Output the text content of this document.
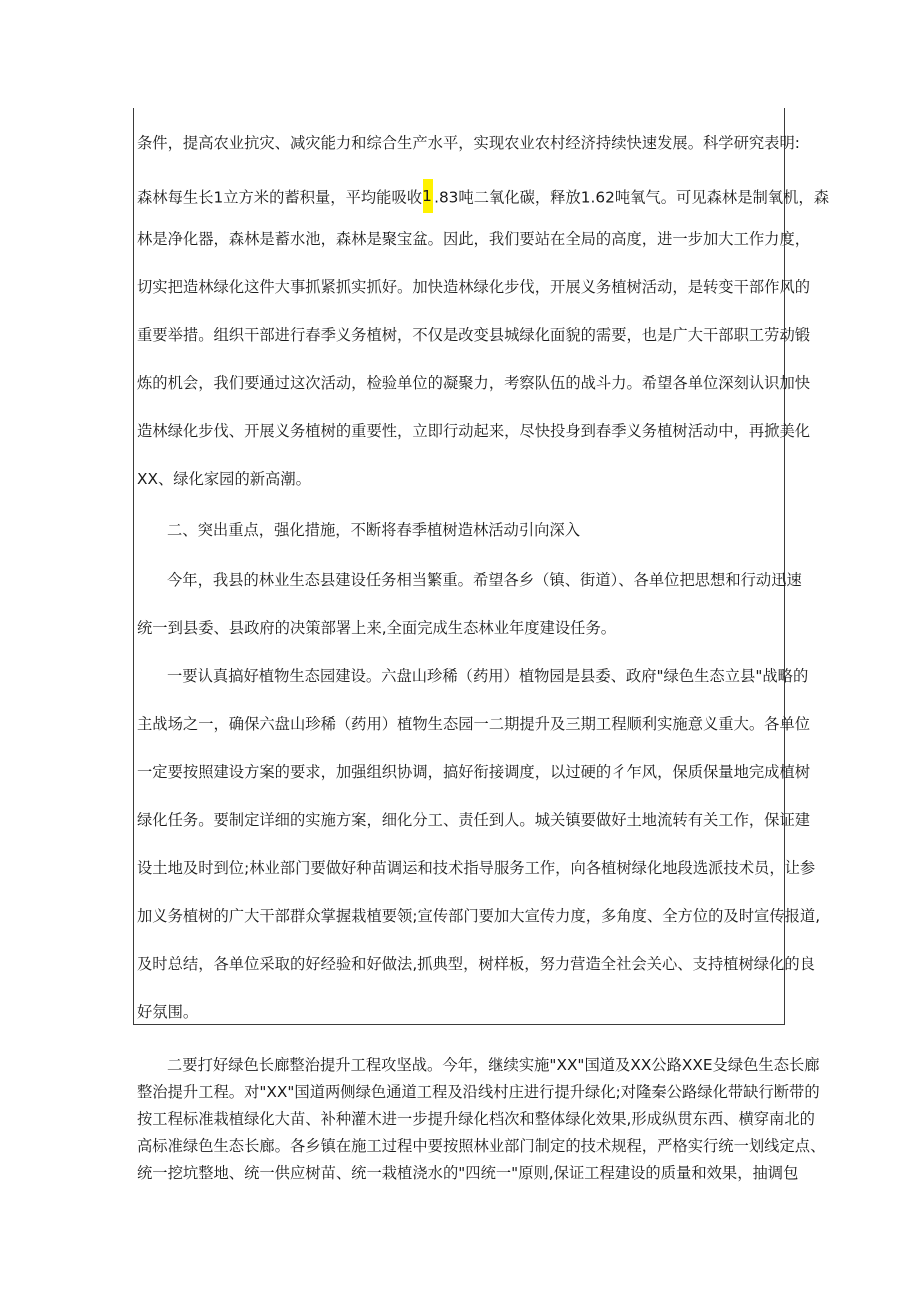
条件，提高农业抗灾、减灾能力和综合生产水平，实现农业农村经济持续快速发展。科学研究表明:
森林每生长1立方米的蓄积量，平均能吸收1 .83吨二氧化碳，释放1.62吨氧气。可见森林是制氧机，森
林是净化器，森林是蓄水池，森林是聚宝盆。因此，我们要站在全局的高度，进一步加大工作力度，
切实把造林绿化这件大事抓紧抓实抓好。加快造林绿化步伐，开展义务植树活动，是转变干部作风的
重要举措。组织干部进行春季义务植树，不仅是改变县城绿化面貌的需要，也是广大干部职工劳动锻
炼的机会，我们要通过这次活动，检验单位的凝聚力，考察队伍的战斗力。希望各单位深刻认识加快
造林绿化步伐、开展义务植树的重要性，立即行动起来，尽快投身到春季义务植树活动中，再掀美化
XX、绿化家园的新高潮。
二、突出重点，强化措施，不断将春季植树造林活动引向深入
今年，我县的林业生态县建设任务相当繁重。希望各乡（镇、街道）、各单位把思想和行动迅速
统一到县委、县政府的决策部署上来,全面完成生态林业年度建设任务。
一要认真搞好植物生态园建设。六盘山珍稀（药用）植物园是县委、政府"绿色生态立县"战略的
主战场之一，确保六盘山珍稀（药用）植物生态园一二期提升及三期工程顺利实施意义重大。各单位
一定要按照建设方案的要求，加强组织协调，搞好衔接调度，以过硬的彳乍风，保质保量地完成植树
绿化任务。要制定详细的实施方案，细化分工、责任到人。城关镇要做好土地流转有关工作，保证建
设土地及时到位;林业部门要做好种苗调运和技术指导服务工作，向各植树绿化地段选派技术员，让参
加义务植树的广大干部群众掌握栽植要领;宣传部门要加大宣传力度，多角度、全方位的及时宣传报道,
及时总结，各单位采取的好经验和好做法,抓典型，树样板，努力营造全社会关心、支持植树绿化的良
好氛围。
二要打好绿色长廊整治提升工程攻坚战。今年，继续实施"XX"国道及XX公路XXE殳绿色生态长廊
整治提升工程。对"XX"国道两侧绿色通道工程及沿线村庄进行提升绿化;对隆秦公路绿化带缺行断带的
按工程标准栽植绿化大苗、补种灌木进一步提升绿化档次和整体绿化效果,形成纵贯东西、横穿南北的
高标准绿色生态长廊。各乡镇在施工过程中要按照林业部门制定的技术规程，严格实行统一划线定点、
统一挖坑整地、统一供应树苗、统一栽植浇水的"四统一"原则,保证工程建设的质量和效果，抽调包
